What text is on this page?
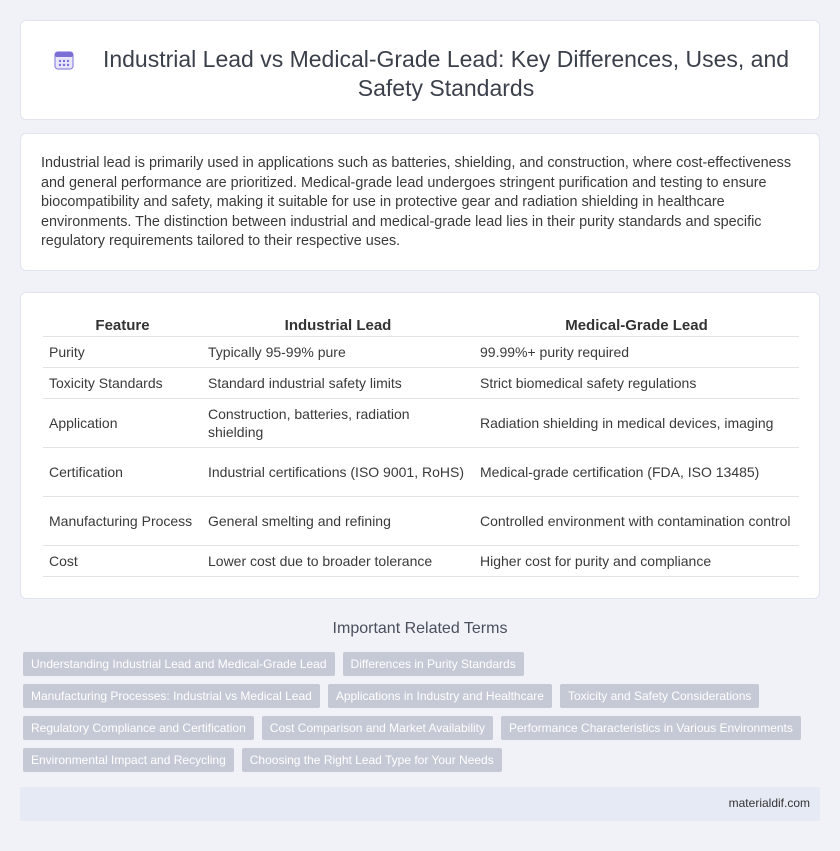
Industrial Lead vs Medical-Grade Lead: Key Differences, Uses, and Safety Standards

Industrial lead is primarily used in applications such as batteries, shielding, and construction, where cost-effectiveness and general performance are prioritized. Medical-grade lead undergoes stringent purification and testing to ensure biocompatibility and safety, making it suitable for use in protective gear and radiation shielding in healthcare environments. The distinction between industrial and medical-grade lead lies in their purity standards and specific regulatory requirements tailored to their respective uses.

Feature	Industrial Lead	Medical-Grade Lead
Purity	Typically 95-99% pure	99.99%+ purity required
Toxicity Standards	Standard industrial safety limits	Strict biomedical safety regulations
Application	Construction, batteries, radiation shielding	Radiation shielding in medical devices, imaging
Certification	Industrial certifications (ISO 9001, RoHS)	Medical-grade certification (FDA, ISO 13485)
Manufacturing Process	General smelting and refining	Controlled environment with contamination control
Cost	Lower cost due to broader tolerance	Higher cost for purity and compliance
Important Related Terms
Understanding Industrial Lead and Medical-Grade Lead	Differences in Purity Standards
Manufacturing Processes: Industrial vs Medical Lead	Applications in Industry and Healthcare	Toxicity and Safety Considerations
Regulatory Compliance and Certification	Cost Comparison and Market Availability	Performance Characteristics in Various Environments
Environmental Impact and Recycling	Choosing the Right Lead Type for Your Needs
materialdif.com
